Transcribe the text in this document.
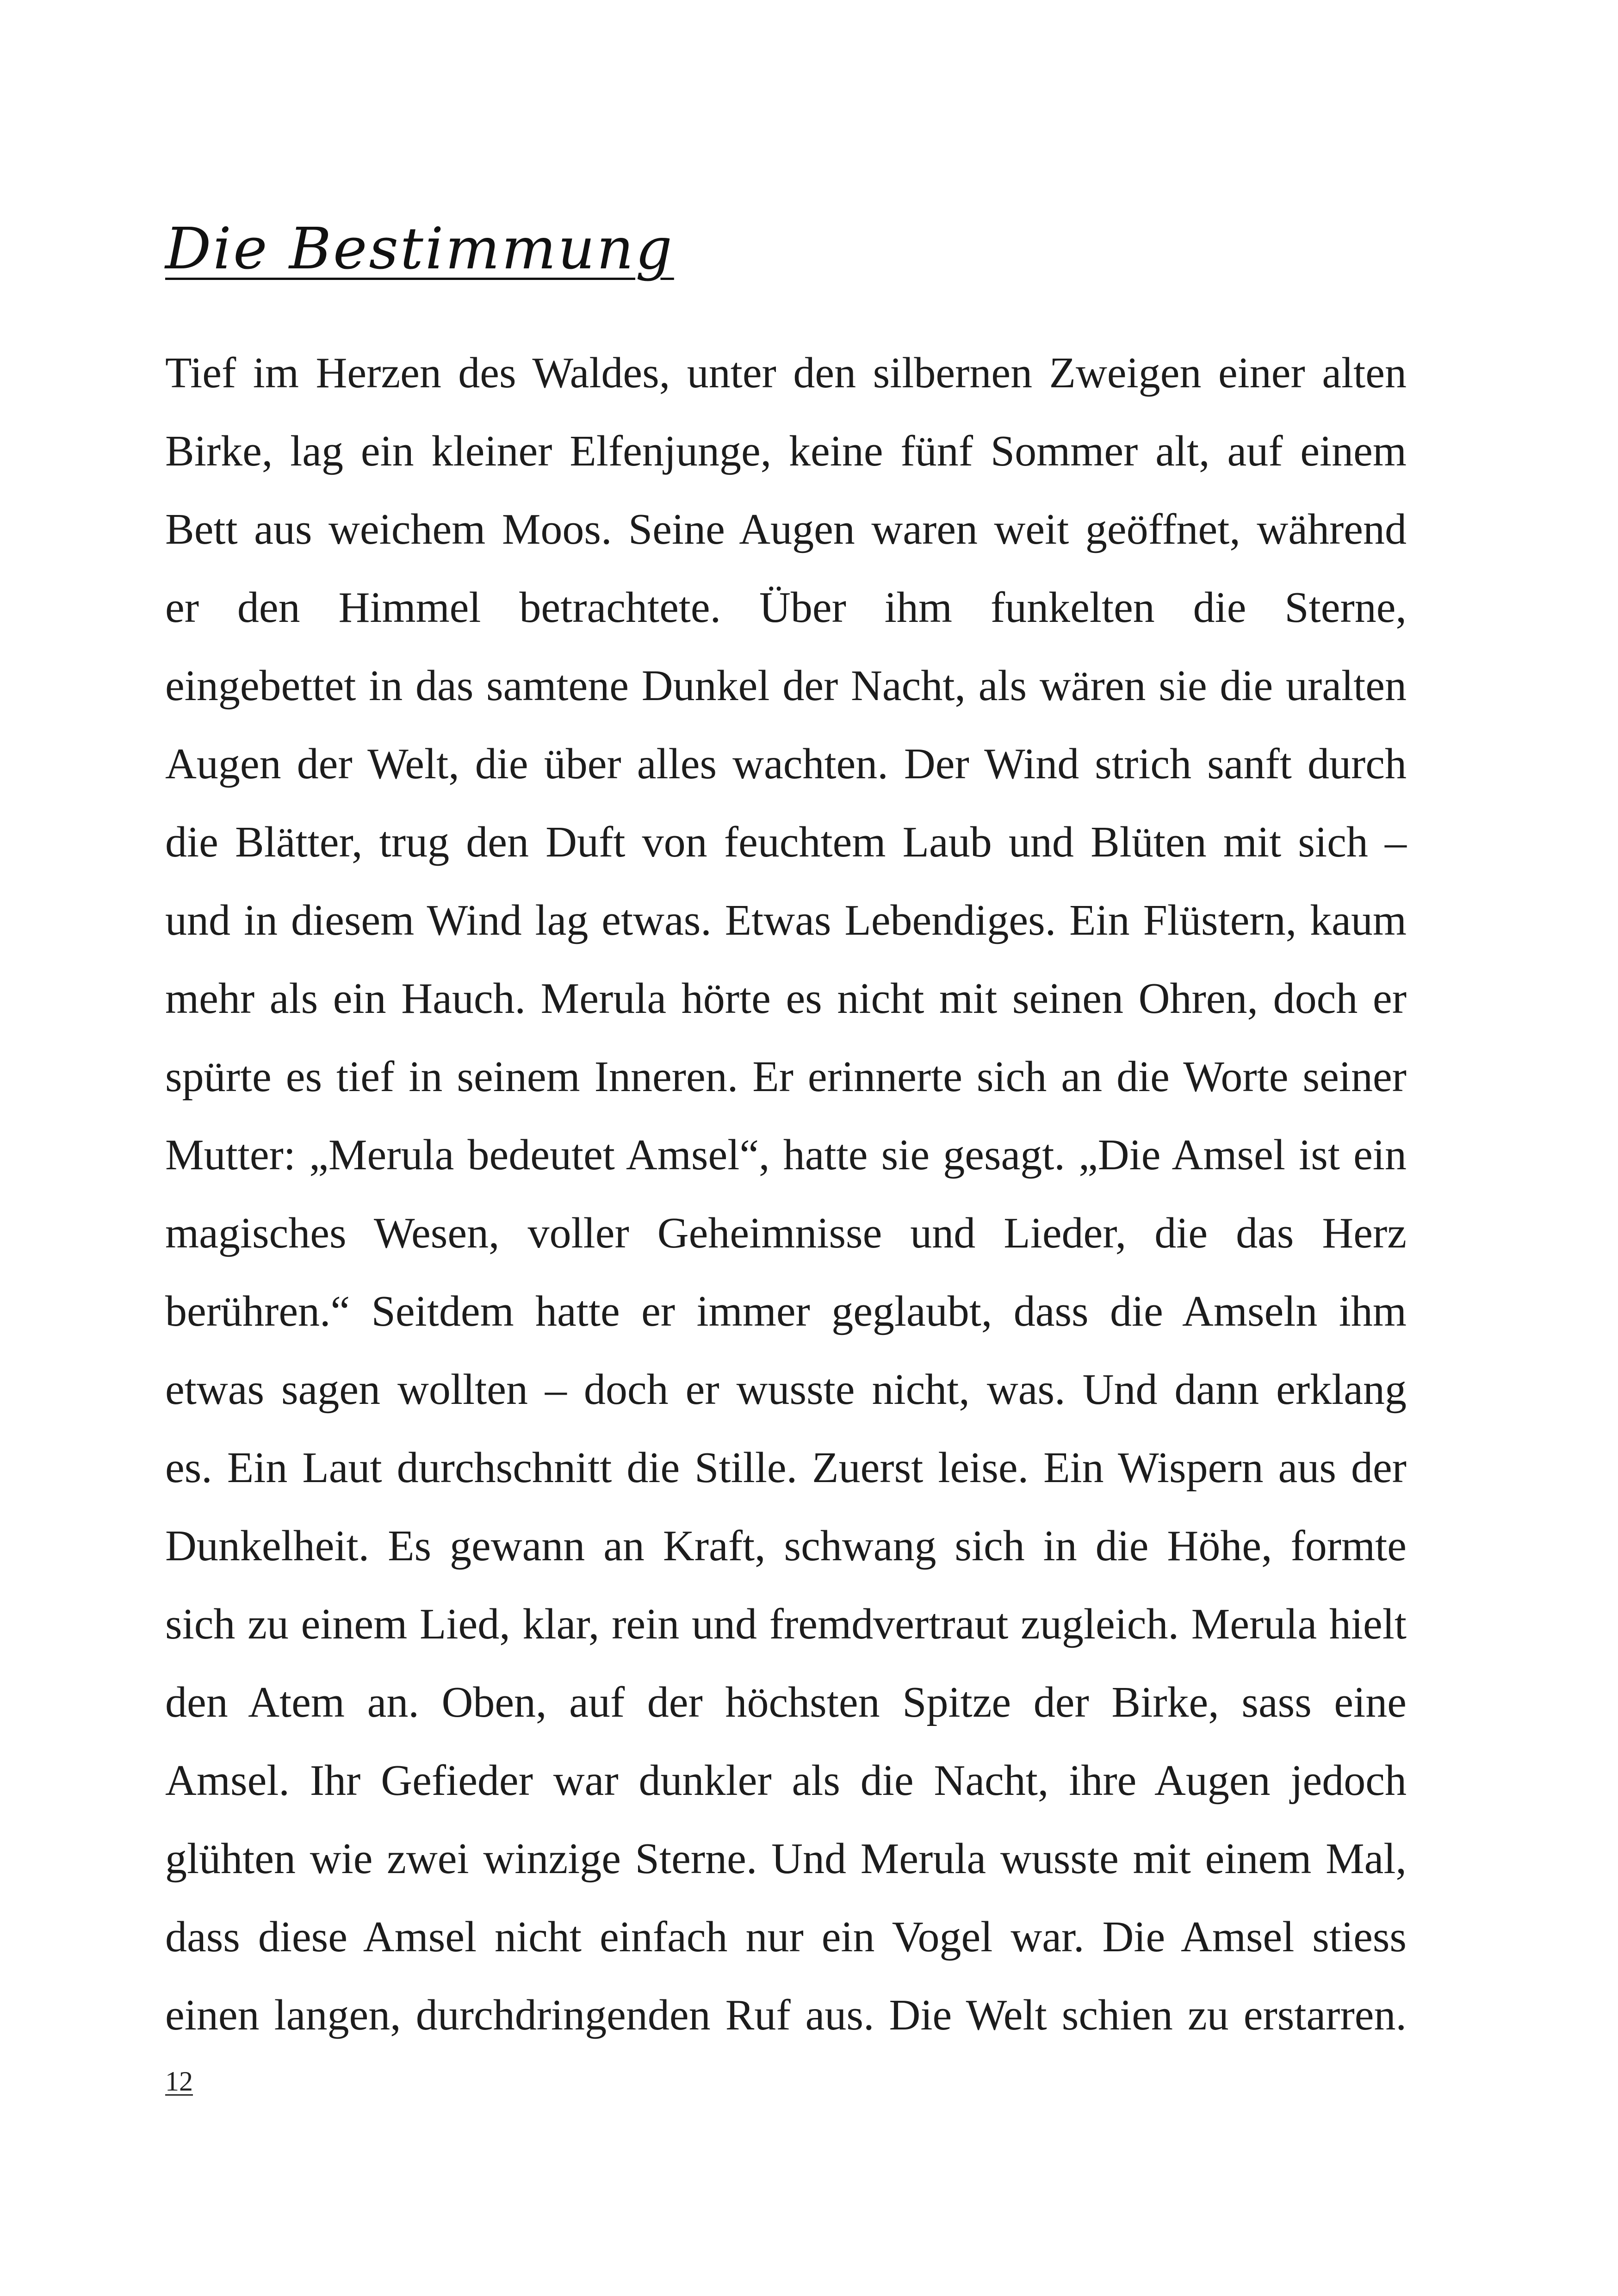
Die Bestimmung
Tief im Herzen des Waldes, unter den silbernen Zweigen einer alten
Birke, lag ein kleiner Elfenjunge, keine fünf Sommer alt, auf einem
Bett aus weichem Moos. Seine Augen waren weit geöffnet, während
er den Himmel betrachtete. Über ihm funkelten die Sterne,
eingebettet in das samtene Dunkel der Nacht, als wären sie die uralten
Augen der Welt, die über alles wachten. Der Wind strich sanft durch
die Blätter, trug den Duft von feuchtem Laub und Blüten mit sich –
und in diesem Wind lag etwas. Etwas Lebendiges. Ein Flüstern, kaum
mehr als ein Hauch. Merula hörte es nicht mit seinen Ohren, doch er
spürte es tief in seinem Inneren. Er erinnerte sich an die Worte seiner
Mutter: „Merula bedeutet Amsel“, hatte sie gesagt. „Die Amsel ist ein
magisches Wesen, voller Geheimnisse und Lieder, die das Herz
berühren.“ Seitdem hatte er immer geglaubt, dass die Amseln ihm
etwas sagen wollten – doch er wusste nicht, was. Und dann erklang
es. Ein Laut durchschnitt die Stille. Zuerst leise. Ein Wispern aus der
Dunkelheit. Es gewann an Kraft, schwang sich in die Höhe, formte
sich zu einem Lied, klar, rein und fremdvertraut zugleich. Merula hielt
den Atem an. Oben, auf der höchsten Spitze der Birke, sass eine
Amsel. Ihr Gefieder war dunkler als die Nacht, ihre Augen jedoch
glühten wie zwei winzige Sterne. Und Merula wusste mit einem Mal,
dass diese Amsel nicht einfach nur ein Vogel war. Die Amsel stiess
einen langen, durchdringenden Ruf aus. Die Welt schien zu erstarren.
12
